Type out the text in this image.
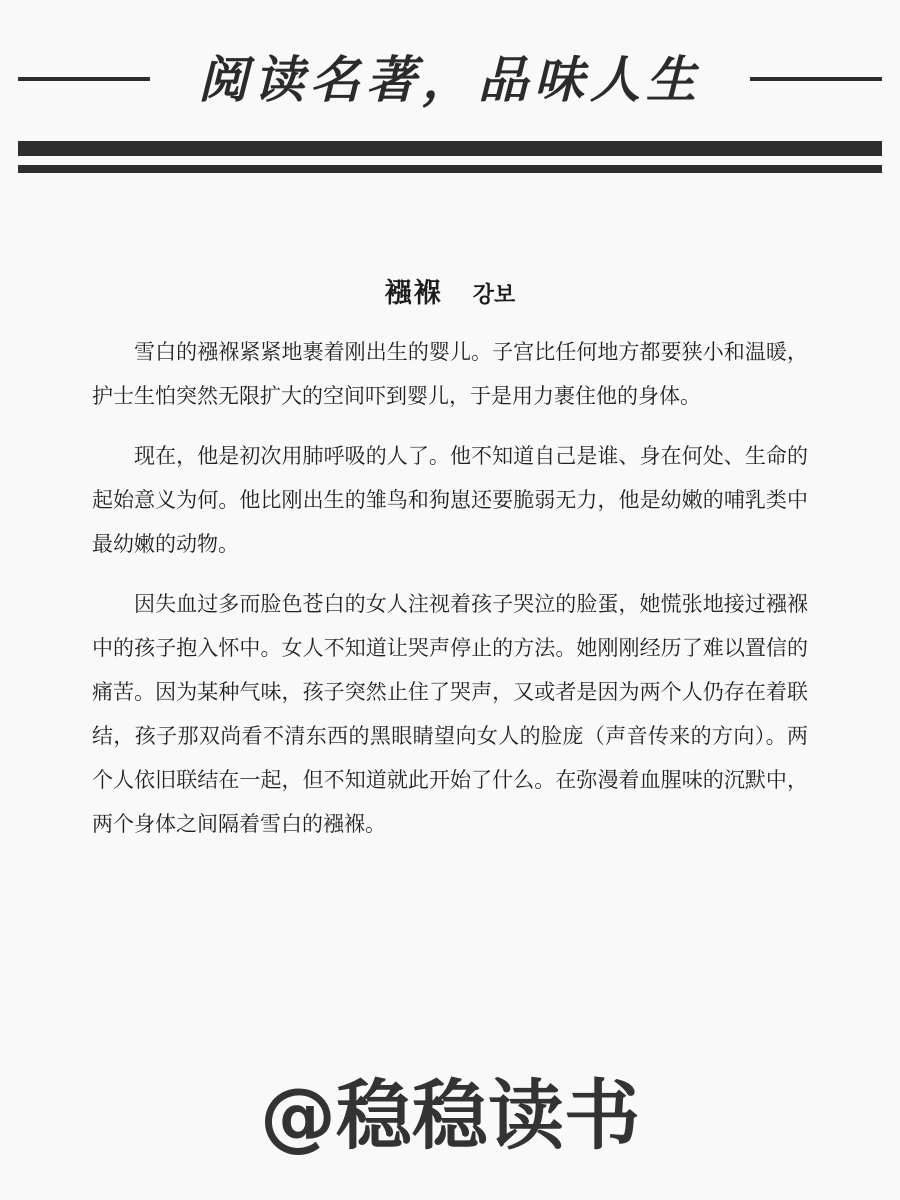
阅读名著，品味人生
襁褓 강보

雪白的襁褓紧紧地裹着刚出生的婴儿。子宫比任何地方都要狭小和温暖，护士生怕突然无限扩大的空间吓到婴儿，于是用力裹住他的身体。

现在，他是初次用肺呼吸的人了。他不知道自己是谁、身在何处、生命的起始意义为何。他比刚出生的雏鸟和狗崽还要脆弱无力，他是幼嫩的哺乳类中最幼嫩的动物。

因失血过多而脸色苍白的女人注视着孩子哭泣的脸蛋，她慌张地接过襁褓中的孩子抱入怀中。女人不知道让哭声停止的方法。她刚刚经历了难以置信的痛苦。因为某种气味，孩子突然止住了哭声，又或者是因为两个人仍存在着联结，孩子那双尚看不清东西的黑眼睛望向女人的脸庞（声音传来的方向）。两个人依旧联结在一起，但不知道就此开始了什么。在弥漫着血腥味的沉默中，两个身体之间隔着雪白的襁褓。

@稳稳读书
